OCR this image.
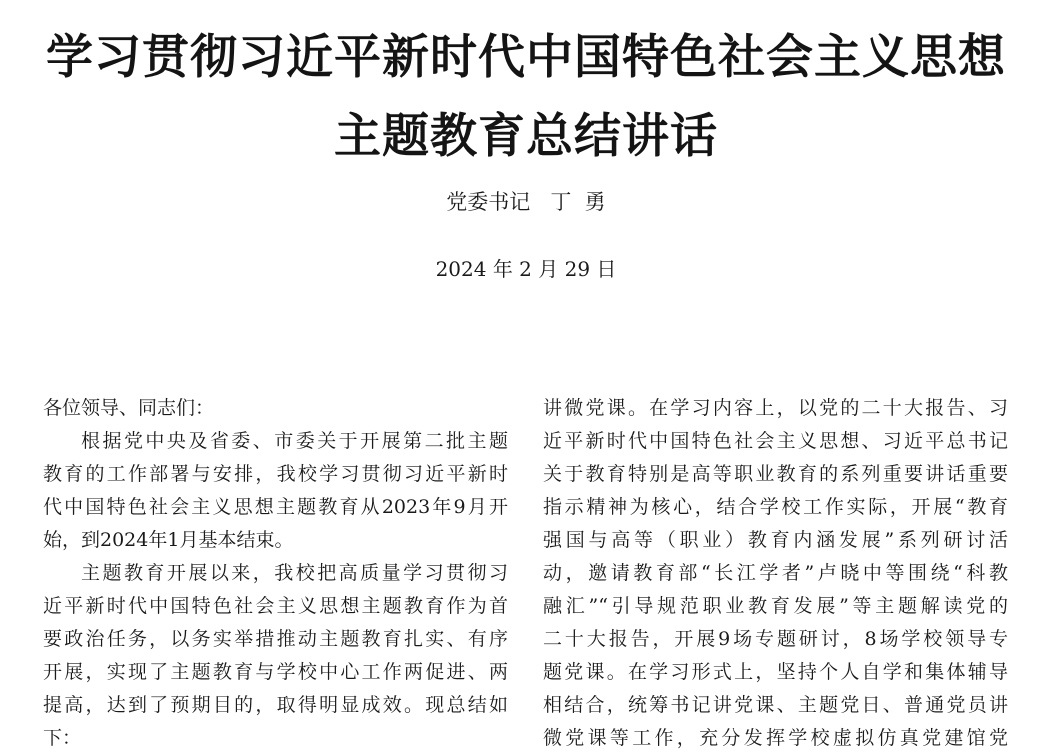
学习贯彻习近平新时代中国特色社会主义思想
主题教育总结讲话
党委书记   丁  勇
2024 年 2 月 29 日
各位领导、同志们：
根据党中央及省委、市委关于开展第二批主题
教育的工作部署与安排，我校学习贯彻习近平新时
代中国特色社会主义思想主题教育从2023年9月开
始，到2024年1月基本结束。
主题教育开展以来，我校把高质量学习贯彻习
近平新时代中国特色社会主义思想主题教育作为首
要政治任务，以务实举措推动主题教育扎实、有序
开展，实现了主题教育与学校中心工作两促进、两
提高，达到了预期目的，取得明显成效。现总结如
下：
讲微党课。在学习内容上，以党的二十大报告、习
近平新时代中国特色社会主义思想、习近平总书记
关于教育特别是高等职业教育的系列重要讲话重要
指示精神为核心，结合学校工作实际，开展“教育
强国与高等（职业）教育内涵发展”系列研讨活
动，邀请教育部“长江学者”卢晓中等围绕“科教
融汇”“引导规范职业教育发展”等主题解读党的
二十大报告，开展9场专题研讨，8场学校领导专
题党课。在学习形式上，坚持个人自学和集体辅导
相结合，统筹书记讲党课、主题党日、普通党员讲
微党课等工作，充分发挥学校虚拟仿真党建馆党
